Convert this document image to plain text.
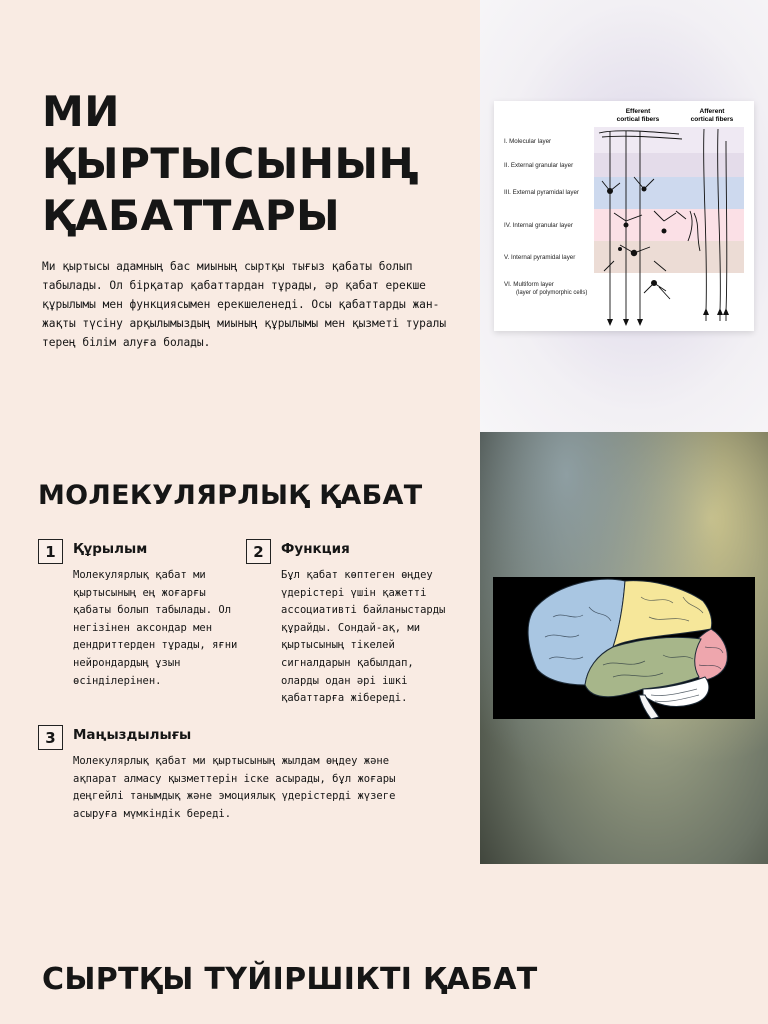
МИ ҚЫРТЫСЫНЫҢ ҚАБАТТАРЫ
Ми қыртысы адамның бас миының сыртқы тығыз қабаты болып табылады. Ол бірқатар қабаттардан тұрады, әр қабат ерекше құрылымы мен функциясымен ерекшеленеді. Осы қабаттарды жан-жақты түсіну арқылымыздың миының құрылымы мен қызметі туралы терең білім алуға болады.
Efferent
cortical fibers
Afferent
cortical fibers
I. Molecular layer
II. External granular layer
III. External pyramidal layer
IV. Internal granular layer
V. Internal pyramidal layer
VI. Multiform layer
(layer of polymorphic cells)
МОЛЕКУЛЯРЛЫҚ ҚАБАТ
1	Құрылым
Молекулярлық қабат ми қыртысының ең жоғарғы қабаты болып табылады. Ол негізінен аксондар мен дендриттерден тұрады, яғни нейрондардың ұзын өсінділерінен.
2	Функция
Бұл қабат көптеген өңдеу үдерістері үшін қажетті ассоциативті байланыстарды құрайды. Сондай-ақ, ми қыртысының тікелей сигналдарын қабылдап, оларды одан әрі ішкі қабаттарға жібереді.
3	Маңыздылығы
Молекулярлық қабат ми қыртысының жылдам өңдеу және ақпарат алмасу қызметтерін іске асырады, бұл жоғары деңгейлі танымдық және эмоциялық үдерістерді жүзеге асыруға мүмкіндік береді.
СЫРТҚЫ ТҮЙІРШІКТІ ҚАБАТ
